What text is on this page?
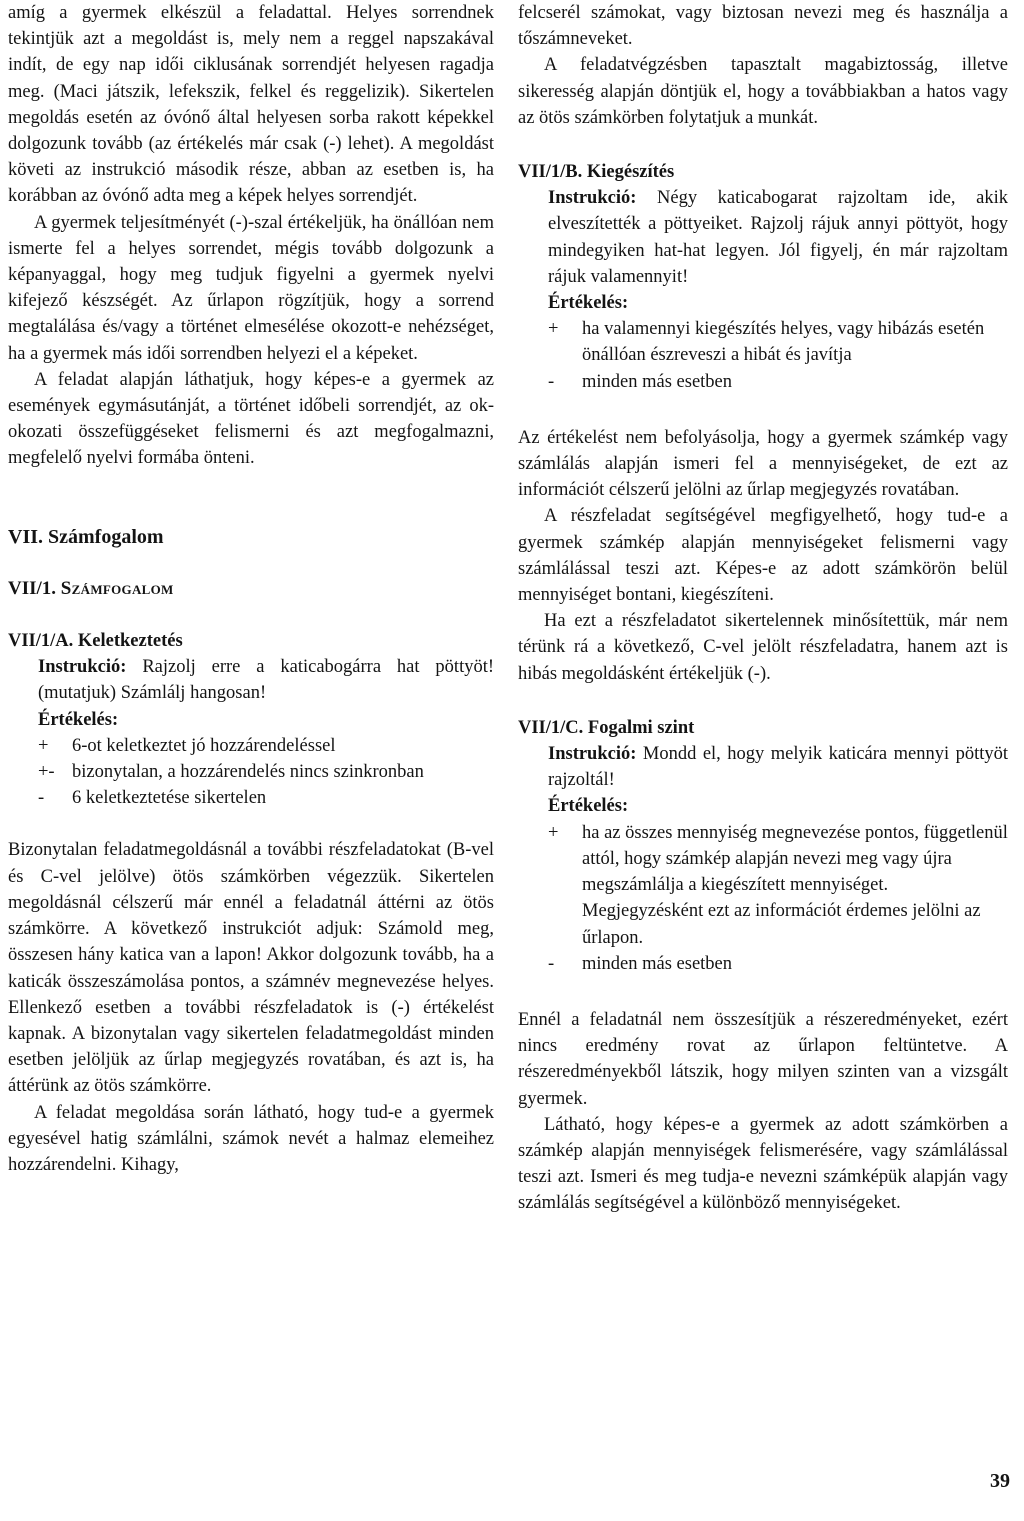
amíg a gyermek elkészül a feladattal. Helyes sorrendnek tekintjük azt a megoldást is, mely nem a reggel napszakával indít, de egy nap idői ciklusának sorrendjét helyesen ragadja meg. (Maci játszik, lefekszik, felkel és reggelizik). Sikertelen megoldás esetén az óvónő által helyesen sorba rakott képekkel dolgozunk tovább (az értékelés már csak (-) lehet). A megoldást követi az instrukció második része, abban az esetben is, ha korábban az óvónő adta meg a képek helyes sorrendjét.

A gyermek teljesítményét (-)-szal értékeljük, ha önállóan nem ismerte fel a helyes sorrendet, mégis tovább dolgozunk a képanyaggal, hogy meg tudjuk figyelni a gyermek nyelvi kifejező készségét. Az űrlapon rögzítjük, hogy a sorrend megtalálása és/vagy a történet elmesélése okozott-e nehézséget, ha a gyermek más idői sorrendben helyezi el a képeket.

A feladat alapján láthatjuk, hogy képes-e a gyermek az események egymásutánját, a történet időbeli sorrendjét, az ok-okozati összefüggéseket felismerni és azt megfogalmazni, megfelelő nyelvi formába önteni.

VII. Számfogalom

VII/1. Számfogalom

VII/1/A. Keletkeztetés

Instrukció: Rajzolj erre a katicabogárra hat pöttyöt! (mutatjuk) Számlálj hangosan!

Értékelés:

+	6-ot keletkeztet jó hozzárendeléssel
+- bizonytalan, a hozzárendelés nincs szinkronban
-	6 keletkeztetése sikertelen

Bizonytalan feladatmegoldásnál a további részfeladatokat (B-vel és C-vel jelölve) ötös számkörben végezzük. Sikertelen megoldásnál célszerű már ennél a feladatnál áttérni az ötös számkörre. A következő instrukciót adjuk: Számold meg, összesen hány katica van a lapon! Akkor dolgozunk tovább, ha a katicák összeszámolása pontos, a számnév megnevezése helyes. Ellenkező esetben a további részfeladatok is (-) értékelést kapnak. A bizonytalan vagy sikertelen feladatmegoldást minden esetben jelöljük az űrlap megjegyzés rovatában, és azt is, ha áttérünk az ötös számkörre.

A feladat megoldása során látható, hogy tud-e a gyermek egyesével hatig számlálni, számok nevét a halmaz elemeihez hozzárendelni. Kihagy,

felcserél számokat, vagy biztosan nevezi meg és használja a tőszámneveket.

A feladatvégzésben tapasztalt magabiztosság, illetve sikeresség alapján döntjük el, hogy a továbbiakban a hatos vagy az ötös számkörben folytatjuk a munkát.

VII/1/B. Kiegészítés

Instrukció: Négy katicabogarat rajzoltam ide, akik elveszítették a pöttyeiket. Rajzolj rájuk annyi pöttyöt, hogy mindegyiken hat-hat legyen. Jól figyelj, én már rajzoltam rájuk valamennyit!

Értékelés:

+	ha valamennyi kiegészítés helyes, vagy hibázás esetén önállóan észreveszi a hibát és javítja
-	minden más esetben

Az értékelést nem befolyásolja, hogy a gyermek számkép vagy számlálás alapján ismeri fel a mennyiségeket, de ezt az információt célszerű jelölni az űrlap megjegyzés rovatában.

A részfeladat segítségével megfigyelhető, hogy tud-e a gyermek számkép alapján mennyiségeket felismerni vagy számlálással teszi azt. Képes-e az adott számkörön belül mennyiséget bontani, kiegészíteni.

Ha ezt a részfeladatot sikertelennek minősítettük, már nem térünk rá a következő, C-vel jelölt részfeladatra, hanem azt is hibás megoldásként értékeljük (-).

VII/1/C. Fogalmi szint

Instrukció: Mondd el, hogy melyik katicára mennyi pöttyöt rajzoltál!

Értékelés:

+	ha az összes mennyiség megnevezése pontos, függetlenül attól, hogy számkép alapján nevezi meg vagy újra megszámlálja a kiegészített mennyiséget. Megjegyzésként ezt az információt érdemes jelölni az űrlapon.
-	minden más esetben

Ennél a feladatnál nem összesítjük a részeredményeket, ezért nincs eredmény rovat az űrlapon feltüntetve. A részeredményekből látszik, hogy milyen szinten van a vizsgált gyermek.

Látható, hogy képes-e a gyermek az adott számkörben a számkép alapján mennyiségek felismerésére, vagy számlálással teszi azt. Ismeri és meg tudja-e nevezni számképük alapján vagy számlálás segítségével a különböző mennyiségeket.

39
